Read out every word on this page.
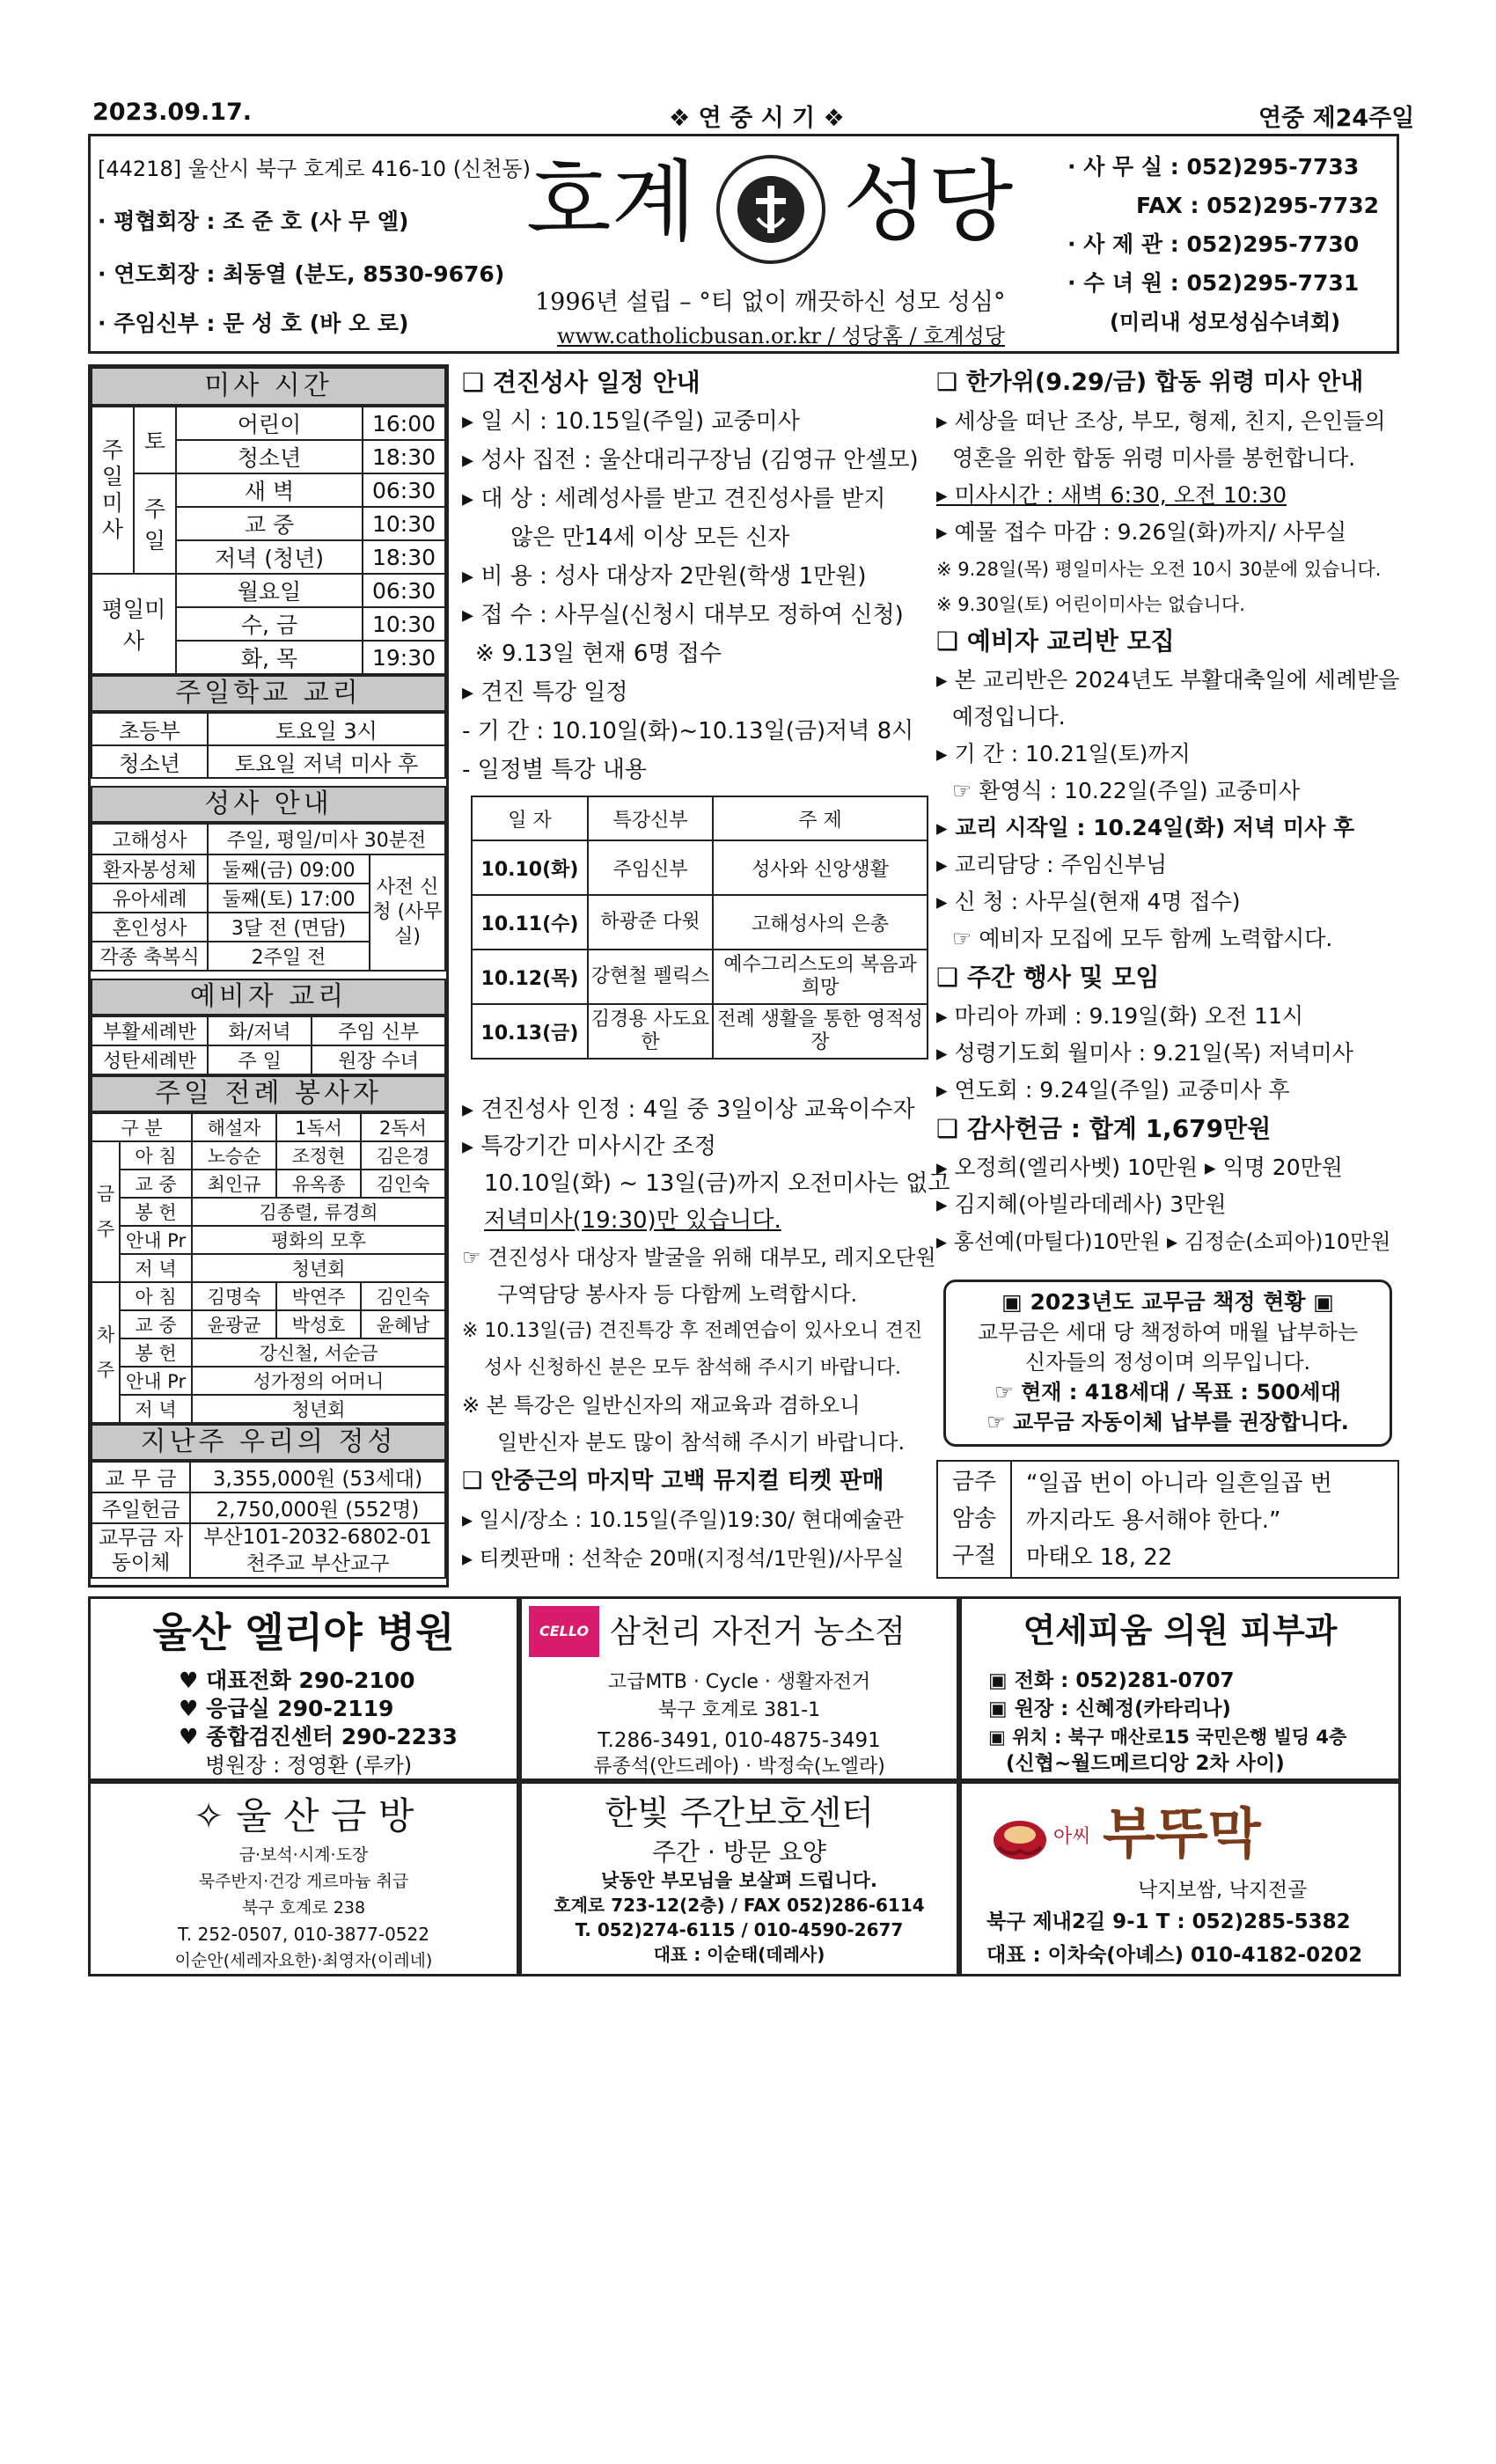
2023.09.17.	❖ 연 중 시 기 ❖	연중 제24주일
[44218] 울산시 북구 호계로 416-10 (신천동)
· 평협회장 : 조 준 호 (사 무 엘)
· 연도회장 : 최동열 (분도, 8530-9676)
· 주임신부 : 문 성 호 (바 오 로)
호계 성당
1996년 설립 – °티 없이 깨끗하신 성모 성심°
www.catholicbusan.or.kr / 성당홈 / 호계성당
· 사 무 실 : 052)295-7733
FAX : 052)295-7732
· 사 제 관 : 052)295-7730
· 수 녀 원 : 052)295-7731
(미리내 성모성심수녀회)
미사 시간
주일미사	토	어린이	16:00
		청소년	18:30
	주일	새 벽	06:30
		교 중	10:30
		저녁 (청년)	18:30
평일미사		월요일	06:30
		수, 금	10:30
		화, 목	19:30
주일학교 교리
초등부	토요일 3시
청소년	토요일 저녁 미사 후
성사 안내
고해성사	주일, 평일/미사 30분전	
환자봉성체	둘째(금) 09:00	사전 신청 (사무실)
유아세례	둘째(토) 17:00	
혼인성사	3달 전 (면담)	
각종 축복식	2주일 전	
예비자 교리
부활세례반	화/저녁	주임 신부
성탄세례반	주 일	원장 수녀
주일 전례 봉사자
구 분		해설자	1독서	2독서
금주	아 침	노승순	조정현	김은경
	교 중	최인규	유옥종	김인숙
	봉 헌	김종렬, 류경희		
	안내 Pr	평화의 모후		
	저 녁	청년회		
차주	아 침	김명숙	박연주	김인숙
	교 중	윤광균	박성호	윤혜남
	봉 헌	강신철, 서순금		
	안내 Pr	성가정의 어머니		
	저 녁	청년회		
지난주 우리의 정성
교 무 금	3,355,000원 (53세대)
주일헌금	2,750,000원 (552명)
교무금 자동이체	부산101-2032-6802-01 천주교 부산교구
❑ 견진성사 일정 안내
▸ 일 시 : 10.15일(주일) 교중미사
▸ 성사 집전 : 울산대리구장님 (김영규 안셀모)
▸ 대 상 : 세례성사를 받고 견진성사를 받지
않은 만14세 이상 모든 신자
▸ 비 용 : 성사 대상자 2만원(학생 1만원)
▸ 접 수 : 사무실(신청시 대부모 정하여 신청)
※ 9.13일 현재 6명 접수
▸ 견진 특강 일정
- 기 간 : 10.10일(화)~10.13일(금)저녁 8시
- 일정별 특강 내용
일 자	특강신부	주 제
10.10(화)	주임신부	성사와 신앙생활
10.11(수)	하광준 다윗	고해성사의 은총
10.12(목)	강현철 펠릭스	예수그리스도의 복음과 희망
10.13(금)	김경용 사도요한	전례 생활을 통한 영적성장
▸ 견진성사 인정 : 4일 중 3일이상 교육이수자
▸ 특강기간 미사시간 조정
10.10일(화) ~ 13일(금)까지 오전미사는 없고
저녁미사(19:30)만 있습니다.
☞ 견진성사 대상자 발굴을 위해 대부모, 레지오단원
구역담당 봉사자 등 다함께 노력합시다.
※ 10.13일(금) 견진특강 후 전례연습이 있사오니 견진
성사 신청하신 분은 모두 참석해 주시기 바랍니다.
※ 본 특강은 일반신자의 재교육과 겸하오니
일반신자 분도 많이 참석해 주시기 바랍니다.
❑ 안중근의 마지막 고백 뮤지컬 티켓 판매
▸ 일시/장소 : 10.15일(주일)19:30/ 현대예술관
▸ 티켓판매 : 선착순 20매(지정석/1만원)/사무실
❑ 한가위(9.29/금) 합동 위령 미사 안내
▸ 세상을 떠난 조상, 부모, 형제, 친지, 은인들의
영혼을 위한 합동 위령 미사를 봉헌합니다.
▸ 미사시간 : 새벽 6:30, 오전 10:30
▸ 예물 접수 마감 : 9.26일(화)까지/ 사무실
※ 9.28일(목) 평일미사는 오전 10시 30분에 있습니다.
※ 9.30일(토) 어린이미사는 없습니다.
❑ 예비자 교리반 모집
▸ 본 교리반은 2024년도 부활대축일에 세례받을
예정입니다.
▸ 기 간 : 10.21일(토)까지
☞ 환영식 : 10.22일(주일) 교중미사
▸ 교리 시작일 : 10.24일(화) 저녁 미사 후
▸ 교리담당 : 주임신부님
▸ 신 청 : 사무실(현재 4명 접수)
☞ 예비자 모집에 모두 함께 노력합시다.
❑ 주간 행사 및 모임
▸ 마리아 까페 : 9.19일(화) 오전 11시
▸ 성령기도회 월미사 : 9.21일(목) 저녁미사
▸ 연도회 : 9.24일(주일) 교중미사 후
❑ 감사헌금 : 합계 1,679만원
▸ 오정희(엘리사벳) 10만원 ▸ 익명 20만원
▸ 김지혜(아빌라데레사) 3만원
▸ 홍선예(마틸다)10만원 ▸ 김정순(소피아)10만원
▣ 2023년도 교무금 책정 현황 ▣
교무금은 세대 당 책정하여 매월 납부하는
신자들의 정성이며 의무입니다.
☞ 현재 : 418세대 / 목표 : 500세대
☞ 교무금 자동이체 납부를 권장합니다.
금주 암송 구절
“일곱 번이 아니라 일흔일곱 번
까지라도 용서해야 한다.”
마태오 18, 22
울산 엘리야 병원
♥ 대표전화 290-2100
♥ 응급실 290-2119
♥ 종합검진센터 290-2233
병원장 : 정영환 (루카)
CELLO 삼천리 자전거 농소점
고급MTB · Cycle · 생활자전거
북구 호계로 381-1
T.286-3491, 010-4875-3491
류종석(안드레아) · 박정숙(노엘라)
연세피움 의원 피부과
▣ 전화 : 052)281-0707
▣ 원장 : 신혜정(카타리나)
▣ 위치 : 북구 매산로15 국민은행 빌딩 4층
(신협~월드메르디앙 2차 사이)
✧ 울 산 금 방
금·보석·시계·도장
묵주반지·건강 게르마늄 취급
북구 호계로 238
T. 252-0507, 010-3877-0522
이순안(세레자요한)·최영자(이레네)
한빛 주간보호센터
주간 · 방문 요양
낮동안 부모님을 보살펴 드립니다.
호계로 723-12(2층) / FAX 052)286-6114
T. 052)274-6115 / 010-4590-2677
대표 : 이순태(데레사)
아씨 부뚜막
낙지보쌈, 낙지전골
북구 제내2길 9-1 T : 052)285-5382
대표 : 이차숙(아녜스) 010-4182-0202
